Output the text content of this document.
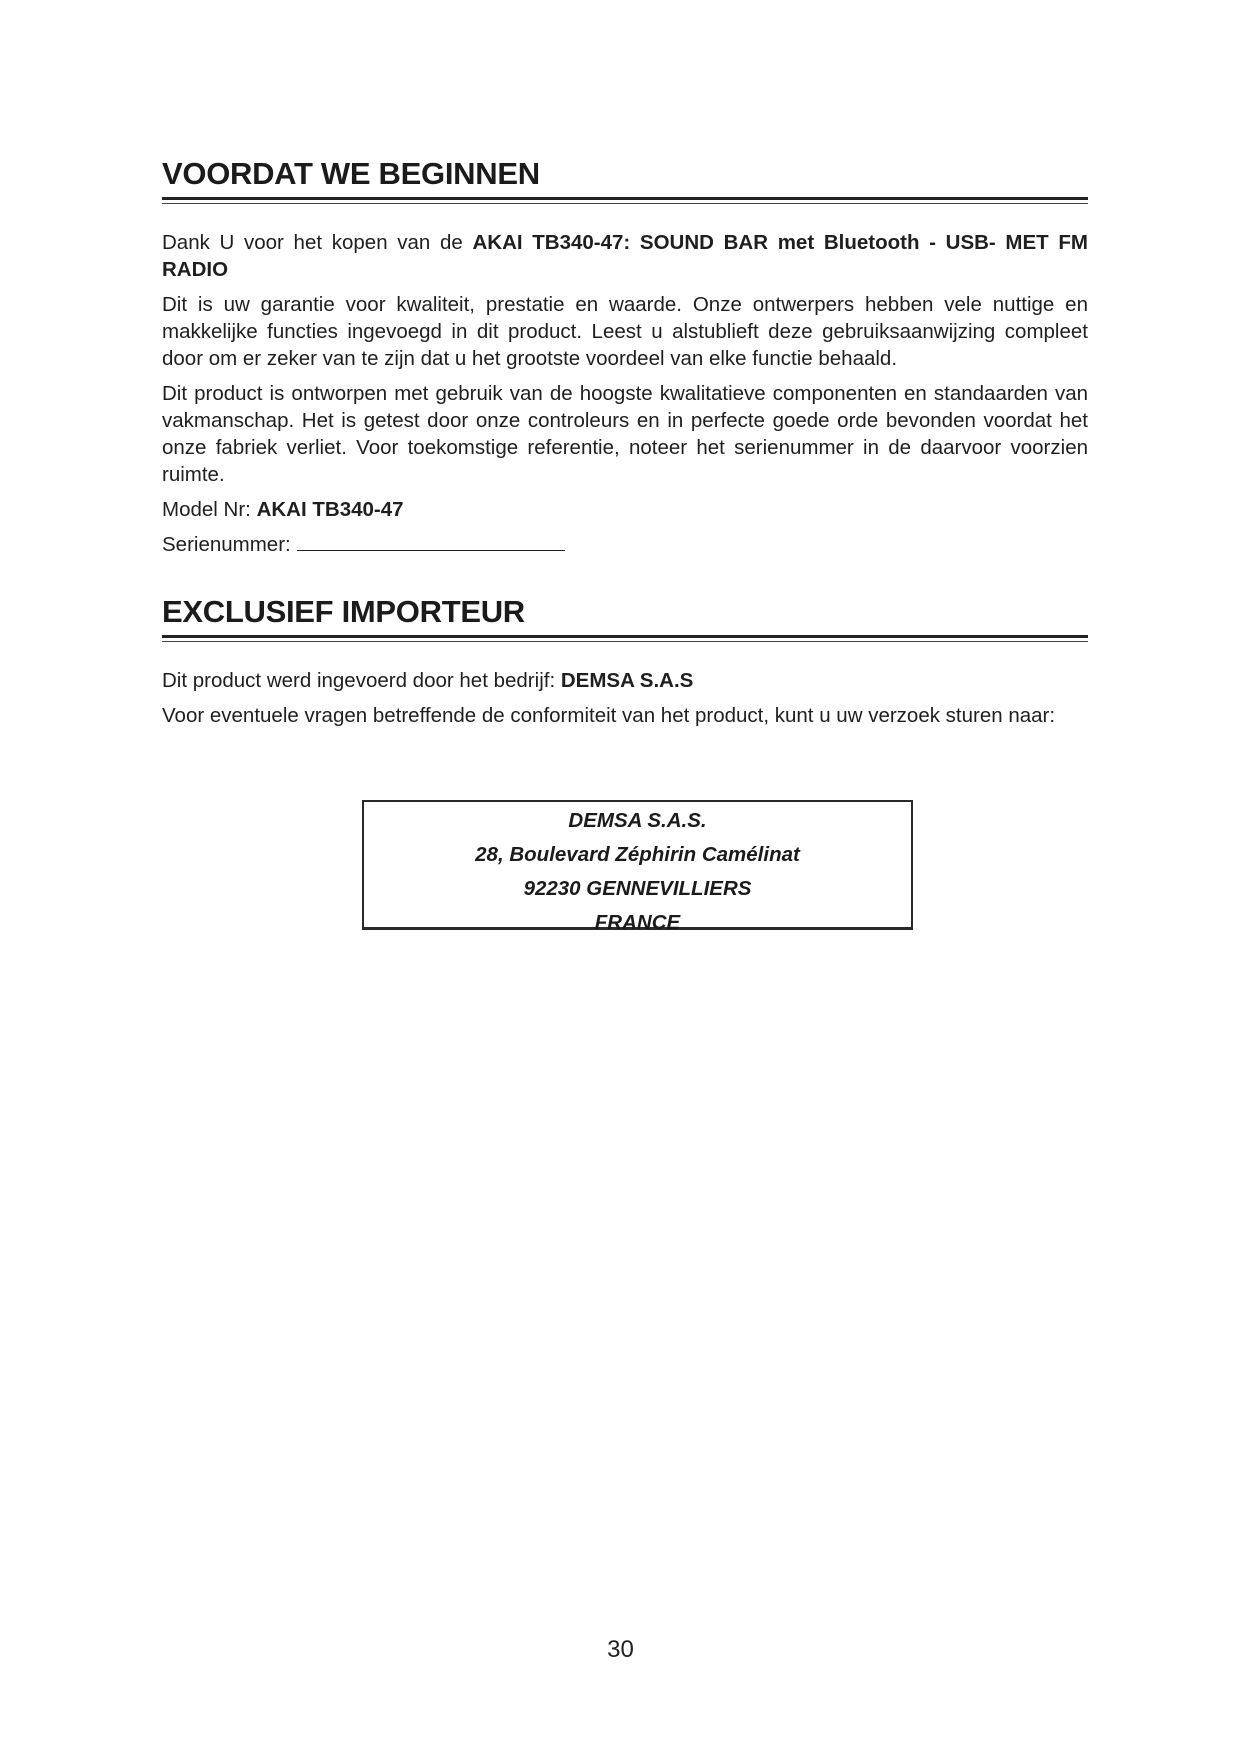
VOORDAT WE BEGINNEN

Dank U voor het kopen van de AKAI TB340-47: SOUND BAR met Bluetooth - USB- MET FM RADIO

Dit is uw garantie voor kwaliteit, prestatie en waarde. Onze ontwerpers hebben vele nuttige en makkelijke functies ingevoegd in dit product. Leest u alstublieft deze gebruiksaanwijzing compleet door om er zeker van te zijn dat u het grootste voordeel van elke functie behaald.

Dit product is ontworpen met gebruik van de hoogste kwalitatieve componenten en standaarden van vakmanschap. Het is getest door onze controleurs en in perfecte goede orde bevonden voordat het onze fabriek verliet. Voor toekomstige referentie, noteer het serienummer in de daarvoor voorzien ruimte.

Model Nr: AKAI TB340-47

Serienummer:

EXCLUSIEF IMPORTEUR

Dit product werd ingevoerd door het bedrijf: DEMSA S.A.S

Voor eventuele vragen betreffende de conformiteit van het product, kunt u uw verzoek sturen naar:

DEMSA S.A.S.

28, Boulevard Zéphirin Camélinat

92230 GENNEVILLIERS

FRANCE

30
